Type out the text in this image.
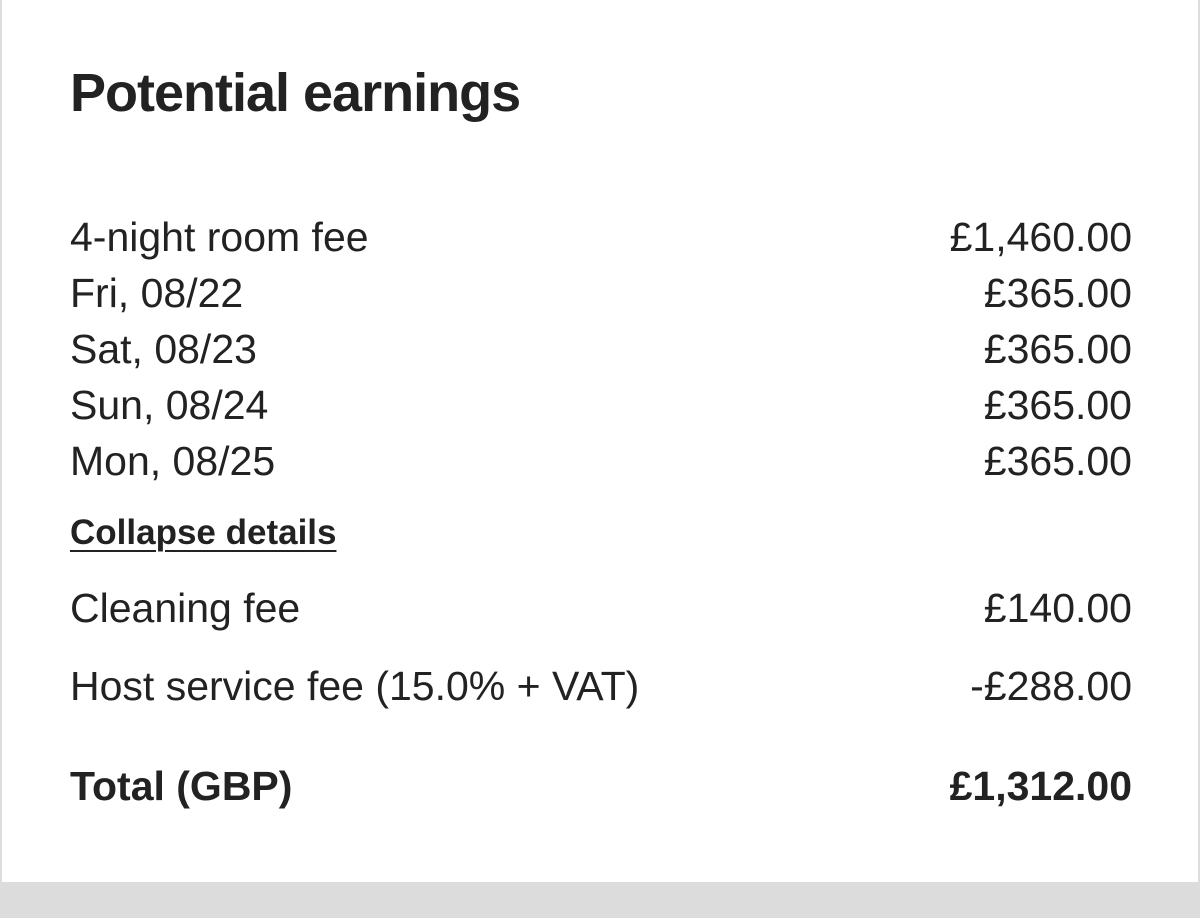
Potential earnings
4-night room fee	£1,460.00
Fri, 08/22	£365.00
Sat, 08/23	£365.00
Sun, 08/24	£365.00
Mon, 08/25	£365.00
Collapse details
Cleaning fee	£140.00
Host service fee (15.0% + VAT)	-£288.00
Total (GBP)	£1,312.00
